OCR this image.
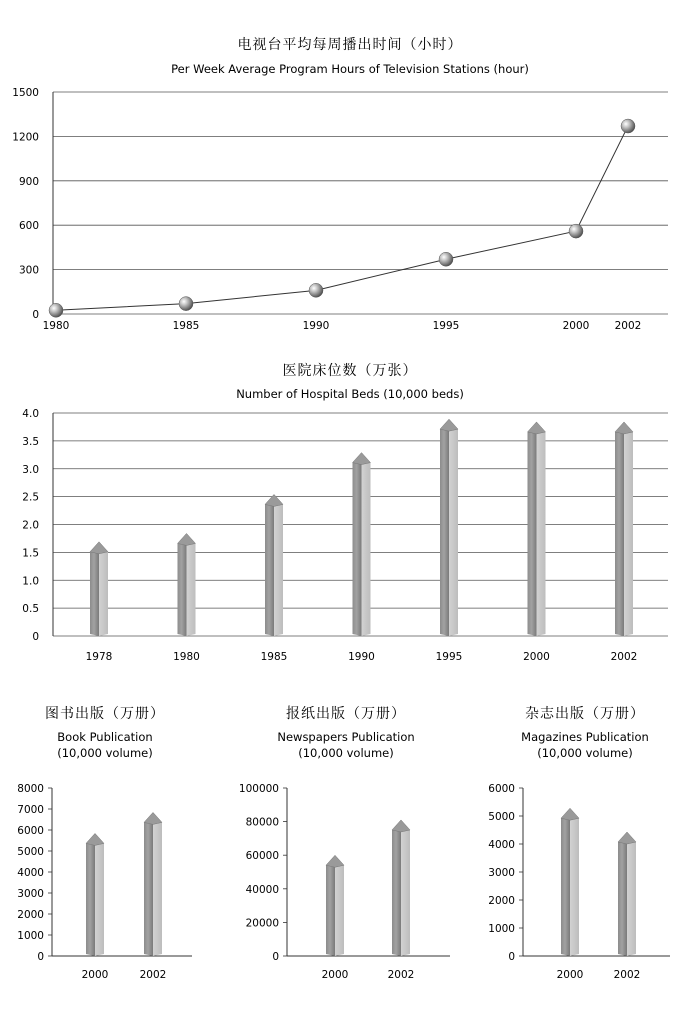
电视台平均每周播出时间（小时）
Per Week Average Program Hours of Television Stations (hour)
0
300
600
900
1200
1500
1980	1985	1990	1995	2000 2002
医院床位数（万张）
Number of Hospital Beds (10,000 beds)
0
0.5
1.0
1.5
2.0
2.5
3.0
3.5
4.0
1978	1980	1985	1990	1995	2000	2002
图书出版（万册）
Book Publication
(10,000 volume)
0
1000
2000
3000
4000
5000
6000
7000
8000
2000	2002
报纸出版（万册）
Newspapers Publication
(10,000 volume)
0
20000
40000
60000
80000
100000
2000	2002
杂志出版（万册）
Magazines Publication
(10,000 volume)
0
1000
2000
3000
4000
5000
6000
2000	2002
